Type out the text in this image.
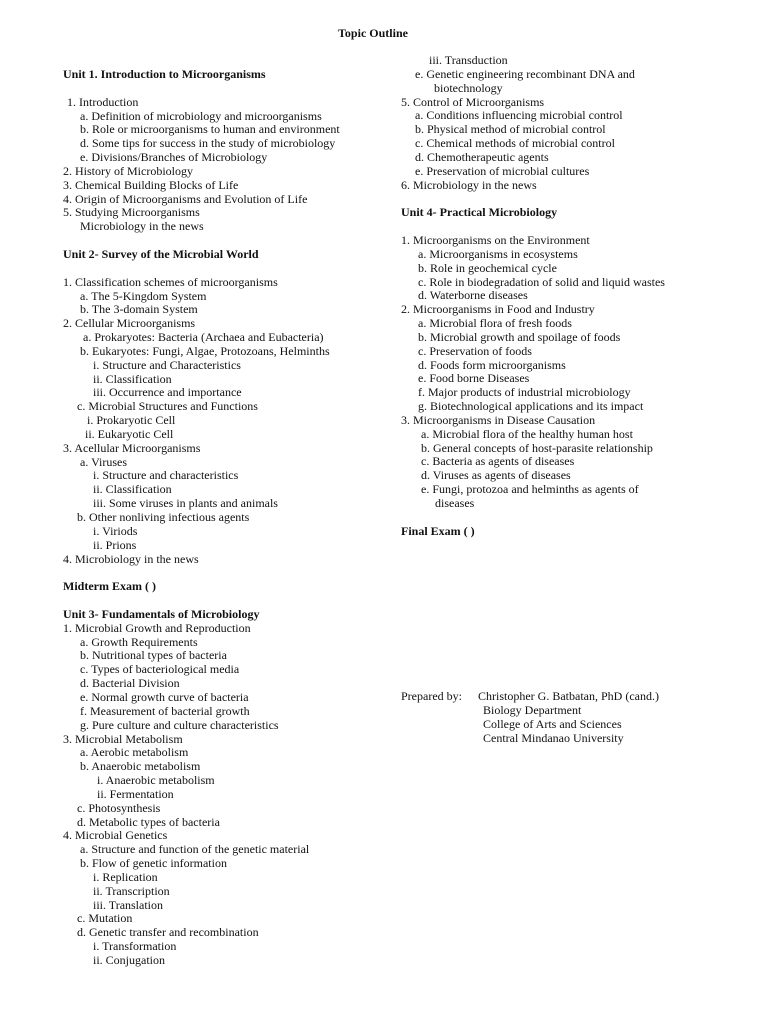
Topic Outline
Unit 1. Introduction to Microorganisms
1. Introduction
a. Definition of microbiology and microorganisms
b. Role or microorganisms to human and environment
d. Some tips for success in the study of microbiology
e. Divisions/Branches of Microbiology
2. History of Microbiology
3. Chemical Building Blocks of Life
4. Origin of Microorganisms and Evolution of Life
5. Studying Microorganisms
Microbiology in the news
Unit 2- Survey of the Microbial World
1. Classification schemes of microorganisms
a. The 5-Kingdom System
b. The 3-domain System
2. Cellular Microorganisms
a. Prokaryotes: Bacteria (Archaea and Eubacteria)
b. Eukaryotes: Fungi, Algae, Protozoans, Helminths
i. Structure and Characteristics
ii. Classification
iii. Occurrence and importance
c. Microbial Structures and Functions
i. Prokaryotic Cell
ii. Eukaryotic Cell
3. Acellular Microorganisms
a. Viruses
i. Structure and characteristics
ii. Classification
iii. Some viruses in plants and animals
b. Other nonliving infectious agents
i. Viriods
ii. Prions
4. Microbiology in the news
Midterm Exam ( )
Unit 3- Fundamentals of Microbiology
1. Microbial Growth and Reproduction
a. Growth Requirements
b. Nutritional types of bacteria
c. Types of bacteriological media
d. Bacterial Division
e. Normal growth curve of bacteria
f. Measurement of bacterial growth
g. Pure culture and culture characteristics
3. Microbial Metabolism
a. Aerobic metabolism
b. Anaerobic metabolism
i. Anaerobic metabolism
ii. Fermentation
c. Photosynthesis
d. Metabolic types of bacteria
4. Microbial Genetics
a. Structure and function of the genetic material
b. Flow of genetic information
i. Replication
ii. Transcription
iii. Translation
c. Mutation
d. Genetic transfer and recombination
i. Transformation
ii. Conjugation
iii. Transduction
e. Genetic engineering recombinant DNA and
biotechnology
5. Control of Microorganisms
a. Conditions influencing microbial control
b. Physical method of microbial control
c. Chemical methods of microbial control
d. Chemotherapeutic agents
e. Preservation of microbial cultures
6. Microbiology in the news
Unit 4- Practical Microbiology
1. Microorganisms on the Environment
a. Microorganisms in ecosystems
b. Role in geochemical cycle
c. Role in biodegradation of solid and liquid wastes
d. Waterborne diseases
2. Microorganisms in Food and Industry
a. Microbial flora of fresh foods
b. Microbial growth and spoilage of foods
c. Preservation of foods
d. Foods form microorganisms
e. Food borne Diseases
f. Major products of industrial microbiology
g. Biotechnological applications and its impact
3. Microorganisms in Disease Causation
a. Microbial flora of the healthy human host
b. General concepts of host-parasite relationship
c. Bacteria as agents of diseases
d. Viruses as agents of diseases
e. Fungi, protozoa and helminths as agents of
diseases
Final Exam ( )
Prepared by: Christopher G. Batbatan, PhD (cand.)
Biology Department
College of Arts and Sciences
Central Mindanao University
